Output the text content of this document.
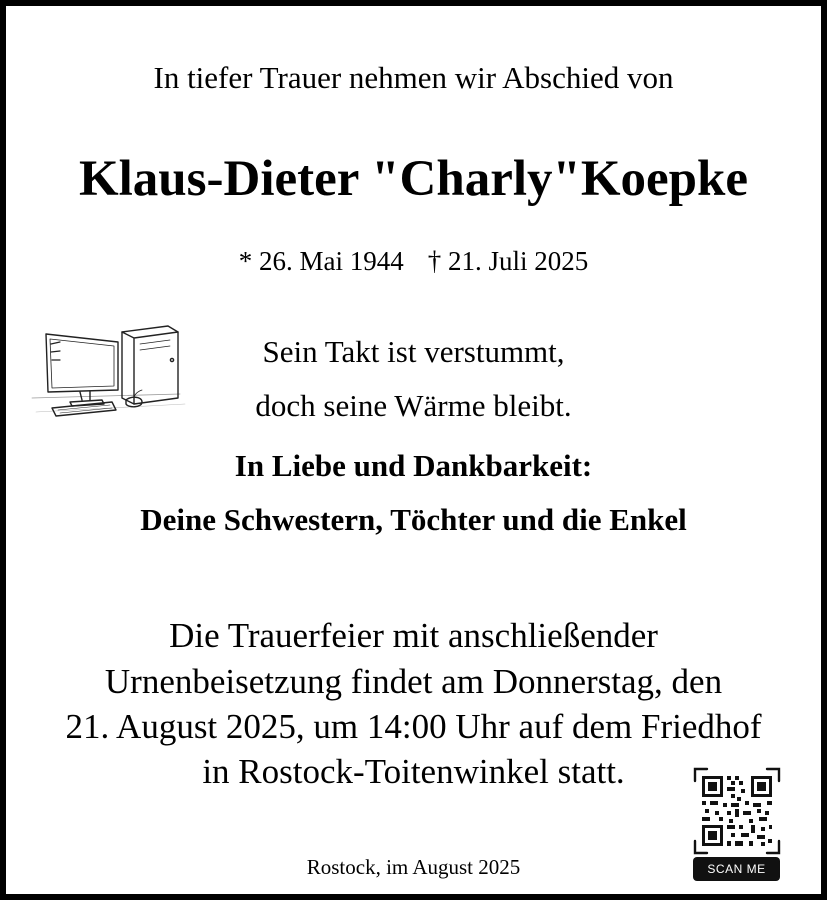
In tiefer Trauer nehmen wir Abschied von
Klaus-Dieter "Charly"Koepke
* 26. Mai 1944 † 21. Juli 2025
Sein Takt ist verstummt,
doch seine Wärme bleibt.
In Liebe und Dankbarkeit:
Deine Schwestern, Töchter und die Enkel
Die Trauerfeier mit anschließender
Urnenbeisetzung findet am Donnerstag, den
21. August 2025, um 14:00 Uhr auf dem Friedhof
in Rostock-Toitenwinkel statt.
SCAN ME
Rostock, im August 2025
